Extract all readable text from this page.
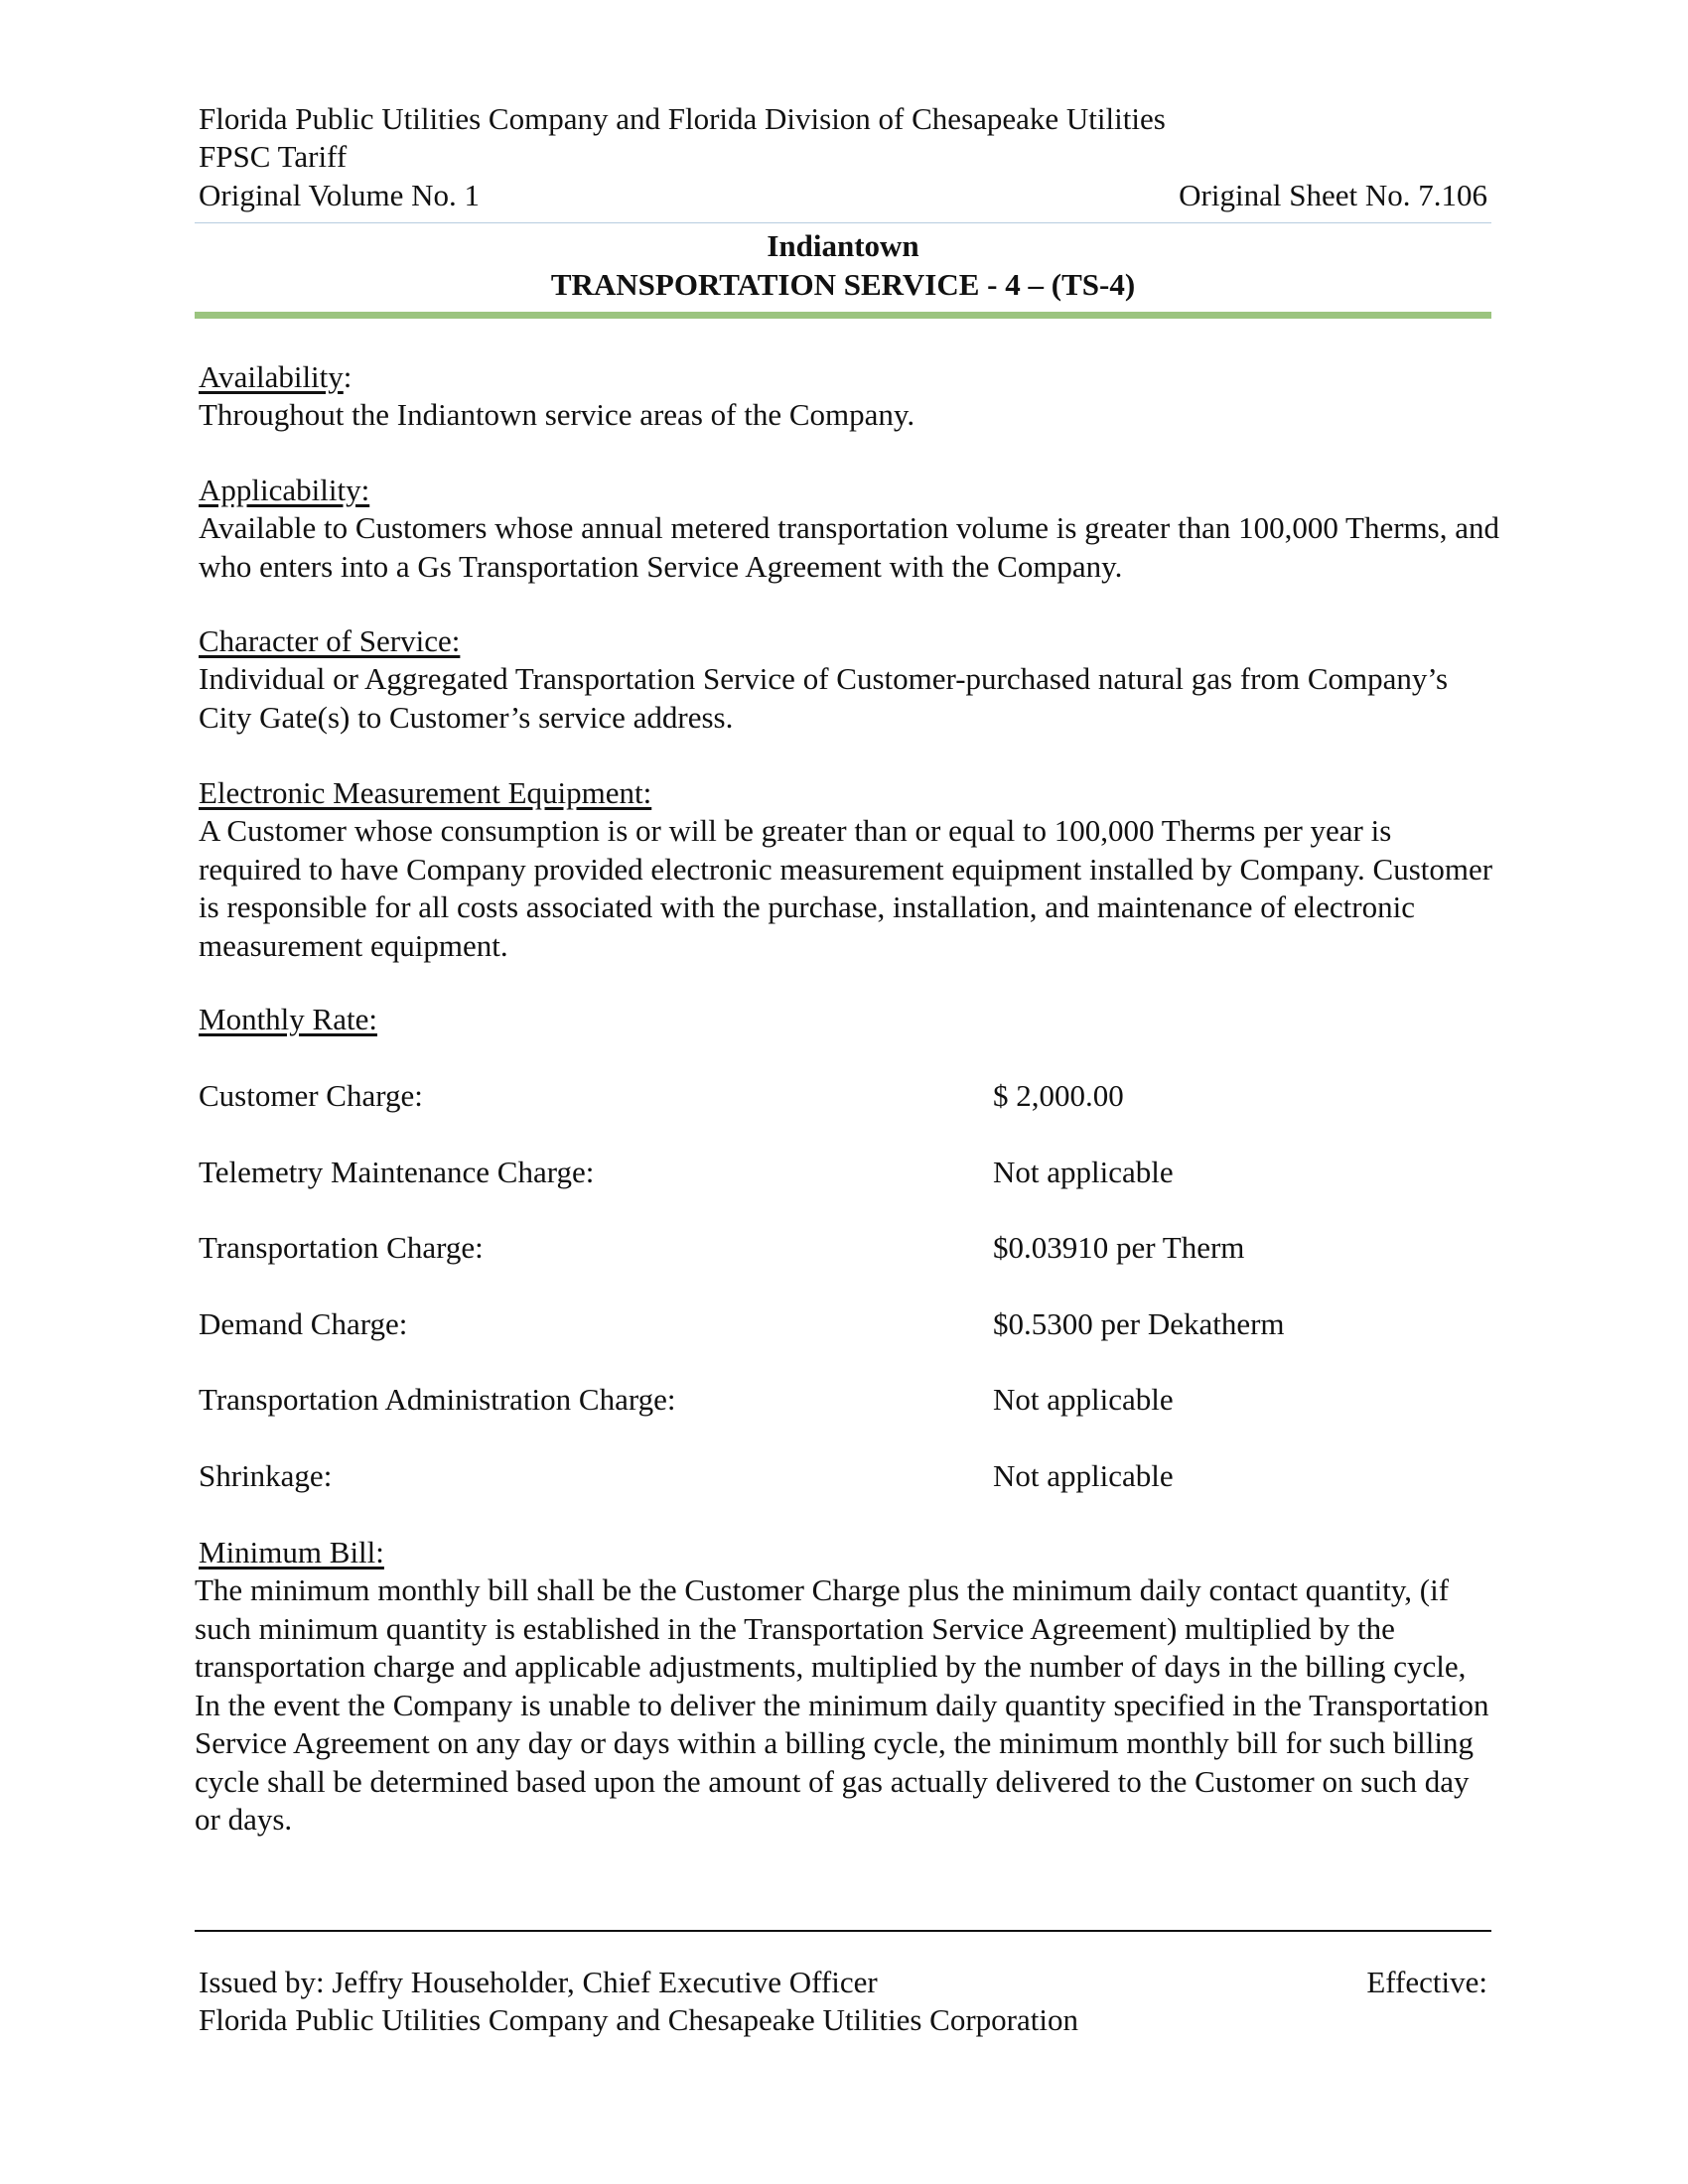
Florida Public Utilities Company and Florida Division of Chesapeake Utilities
FPSC Tariff
Original Volume No. 1	Original Sheet No. 7.106
Indiantown
TRANSPORTATION SERVICE - 4 – (TS-4)
Availability:
Throughout the Indiantown service areas of the Company.
Applicability:
Available to Customers whose annual metered transportation volume is greater than 100,000 Therms, and who enters into a Gs Transportation Service Agreement with the Company.
Character of Service:
Individual or Aggregated Transportation Service of Customer-purchased natural gas from Company’s City Gate(s) to Customer’s service address.
Electronic Measurement Equipment:
A Customer whose consumption is or will be greater than or equal to 100,000 Therms per year is required to have Company provided electronic measurement equipment installed by Company. Customer is responsible for all costs associated with the purchase, installation, and maintenance of electronic measurement equipment.
Monthly Rate:
Customer Charge:	$ 2,000.00
Telemetry Maintenance Charge:	Not applicable
Transportation Charge:	$0.03910 per Therm
Demand Charge:	$0.5300 per Dekatherm
Transportation Administration Charge:	Not applicable
Shrinkage:	Not applicable
Minimum Bill:
The minimum monthly bill shall be the Customer Charge plus the minimum daily contact quantity, (if such minimum quantity is established in the Transportation Service Agreement) multiplied by the transportation charge and applicable adjustments, multiplied by the number of days in the billing cycle, In the event the Company is unable to deliver the minimum daily quantity specified in the Transportation Service Agreement on any day or days within a billing cycle, the minimum monthly bill for such billing cycle shall be determined based upon the amount of gas actually delivered to the Customer on such day or days.
Issued by: Jeffry Householder, Chief Executive Officer	Effective:
Florida Public Utilities Company and Chesapeake Utilities Corporation
